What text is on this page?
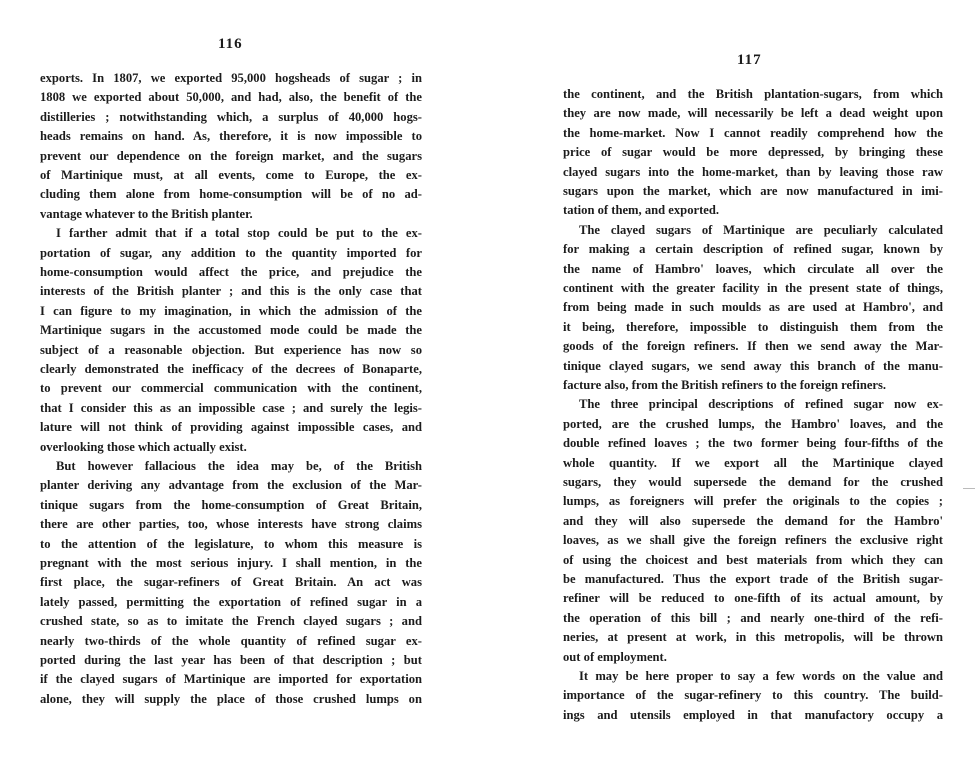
116
exports. In 1807, we exported 95,000 hogsheads of sugar ; in
1808 we exported about 50,000, and had, also, the benefit of the
distilleries ; notwithstanding which, a surplus of 40,000 hogs-
heads remains on hand. As, therefore, it is now impossible to
prevent our dependence on the foreign market, and the sugars
of Martinique must, at all events, come to Europe, the ex-
cluding them alone from home-consumption will be of no ad-
vantage whatever to the British planter.
I farther admit that if a total stop could be put to the ex-
portation of sugar, any addition to the quantity imported for
home-consumption would affect the price, and prejudice the
interests of the British planter ; and this is the only case that
I can figure to my imagination, in which the admission of the
Martinique sugars in the accustomed mode could be made the
subject of a reasonable objection. But experience has now so
clearly demonstrated the inefficacy of the decrees of Bonaparte,
to prevent our commercial communication with the continent,
that I consider this as an impossible case ; and surely the legis-
lature will not think of providing against impossible cases, and
overlooking those which actually exist.
But however fallacious the idea may be, of the British
planter deriving any advantage from the exclusion of the Mar-
tinique sugars from the home-consumption of Great Britain,
there are other parties, too, whose interests have strong claims
to the attention of the legislature, to whom this measure is
pregnant with the most serious injury. I shall mention, in the
first place, the sugar-refiners of Great Britain. An act was
lately passed, permitting the exportation of refined sugar in a
crushed state, so as to imitate the French clayed sugars ; and
nearly two-thirds of the whole quantity of refined sugar ex-
ported during the last year has been of that description ; but
if the clayed sugars of Martinique are imported for exportation
alone, they will supply the place of those crushed lumps on
117
the continent, and the British plantation-sugars, from which
they are now made, will necessarily be left a dead weight upon
the home-market. Now I cannot readily comprehend how the
price of sugar would be more depressed, by bringing these
clayed sugars into the home-market, than by leaving those raw
sugars upon the market, which are now manufactured in imi-
tation of them, and exported.
The clayed sugars of Martinique are peculiarly calculated
for making a certain description of refined sugar, known by
the name of Hambro' loaves, which circulate all over the
continent with the greater facility in the present state of things,
from being made in such moulds as are used at Hambro', and
it being, therefore, impossible to distinguish them from the
goods of the foreign refiners. If then we send away the Mar-
tinique clayed sugars, we send away this branch of the manu-
facture also, from the British refiners to the foreign refiners.
The three principal descriptions of refined sugar now ex-
ported, are the crushed lumps, the Hambro' loaves, and the
double refined loaves ; the two former being four-fifths of the
whole quantity. If we export all the Martinique clayed
sugars, they would supersede the demand for the crushed
lumps, as foreigners will prefer the originals to the copies ;
and they will also supersede the demand for the Hambro'
loaves, as we shall give the foreign refiners the exclusive right
of using the choicest and best materials from which they can
be manufactured. Thus the export trade of the British sugar-
refiner will be reduced to one-fifth of its actual amount, by
the operation of this bill ; and nearly one-third of the refi-
neries, at present at work, in this metropolis, will be thrown
out of employment.
It may be here proper to say a few words on the value and
importance of the sugar-refinery to this country. The build-
ings and utensils employed in that manufactory occupy a
